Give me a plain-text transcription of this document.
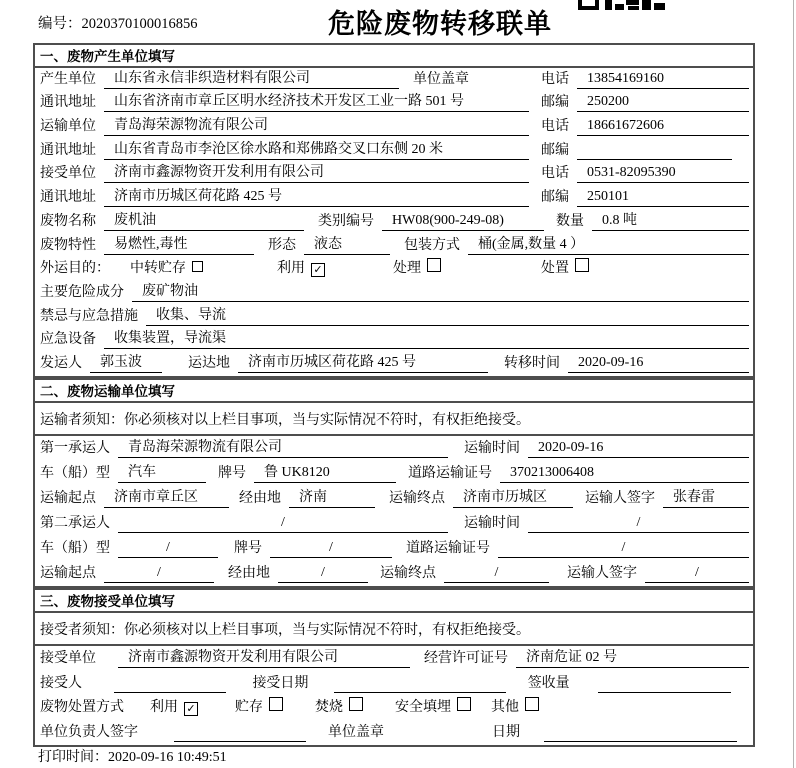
编号：2020370100016856	危险废物转移联单
一、废物产生单位填写
产生单位	山东省永信非织造材料有限公司	单位盖章	电话	13854169160
通讯地址	山东省济南市章丘区明水经济技术开发区工业一路 501 号	邮编	250200
运输单位	青岛海荣源物流有限公司	电话	18661672606
通讯地址	山东省青岛市李沧区徐水路和郑佛路交叉口东侧 20 米	邮编
接受单位	济南市鑫源物资开发利用有限公司	电话	0531-82095390
通讯地址	济南市历城区荷花路 425 号	邮编	250101
废物名称	废机油	类别编号	HW08(900-249-08)	数量	0.8 吨
废物特性	易燃性,毒性	形态	液态	包装方式	桶(金属,数量 4 ）
外运目的： 中转贮存	利用 ✓	处理	处置
主要危险成分	废矿物油
禁忌与应急措施	收集、导流
应急设备	收集装置，导流渠
发运人	郭玉波	运达地	济南市历城区荷花路 425 号	转移时间	2020-09-16
二、废物运输单位填写
运输者须知：你必须核对以上栏目事项，当与实际情况不符时，有权拒绝接受。
第一承运人	青岛海荣源物流有限公司	运输时间	2020-09-16
车（船）型	汽车	牌号	鲁 UK8120	道路运输证号	370213006408
运输起点	济南市章丘区	经由地	济南	运输终点	济南市历城区	运输人签字	张春雷
第二承运人	/	运输时间	/
车（船）型	/	牌号	/	道路运输证号	/
运输起点	/	经由地	/	运输终点	/	运输人签字	/
三、废物接受单位填写
接受者须知：你必须核对以上栏目事项，当与实际情况不符时，有权拒绝接受。
接受单位	济南市鑫源物资开发利用有限公司	经营许可证号	济南危证 02 号
接受人	接受日期	签收量
废物处置方式 利用 ✓	贮存	焚烧	安全填埋	其他
单位负责人签字	单位盖章	日期
打印时间：2020-09-16 10:49:51
